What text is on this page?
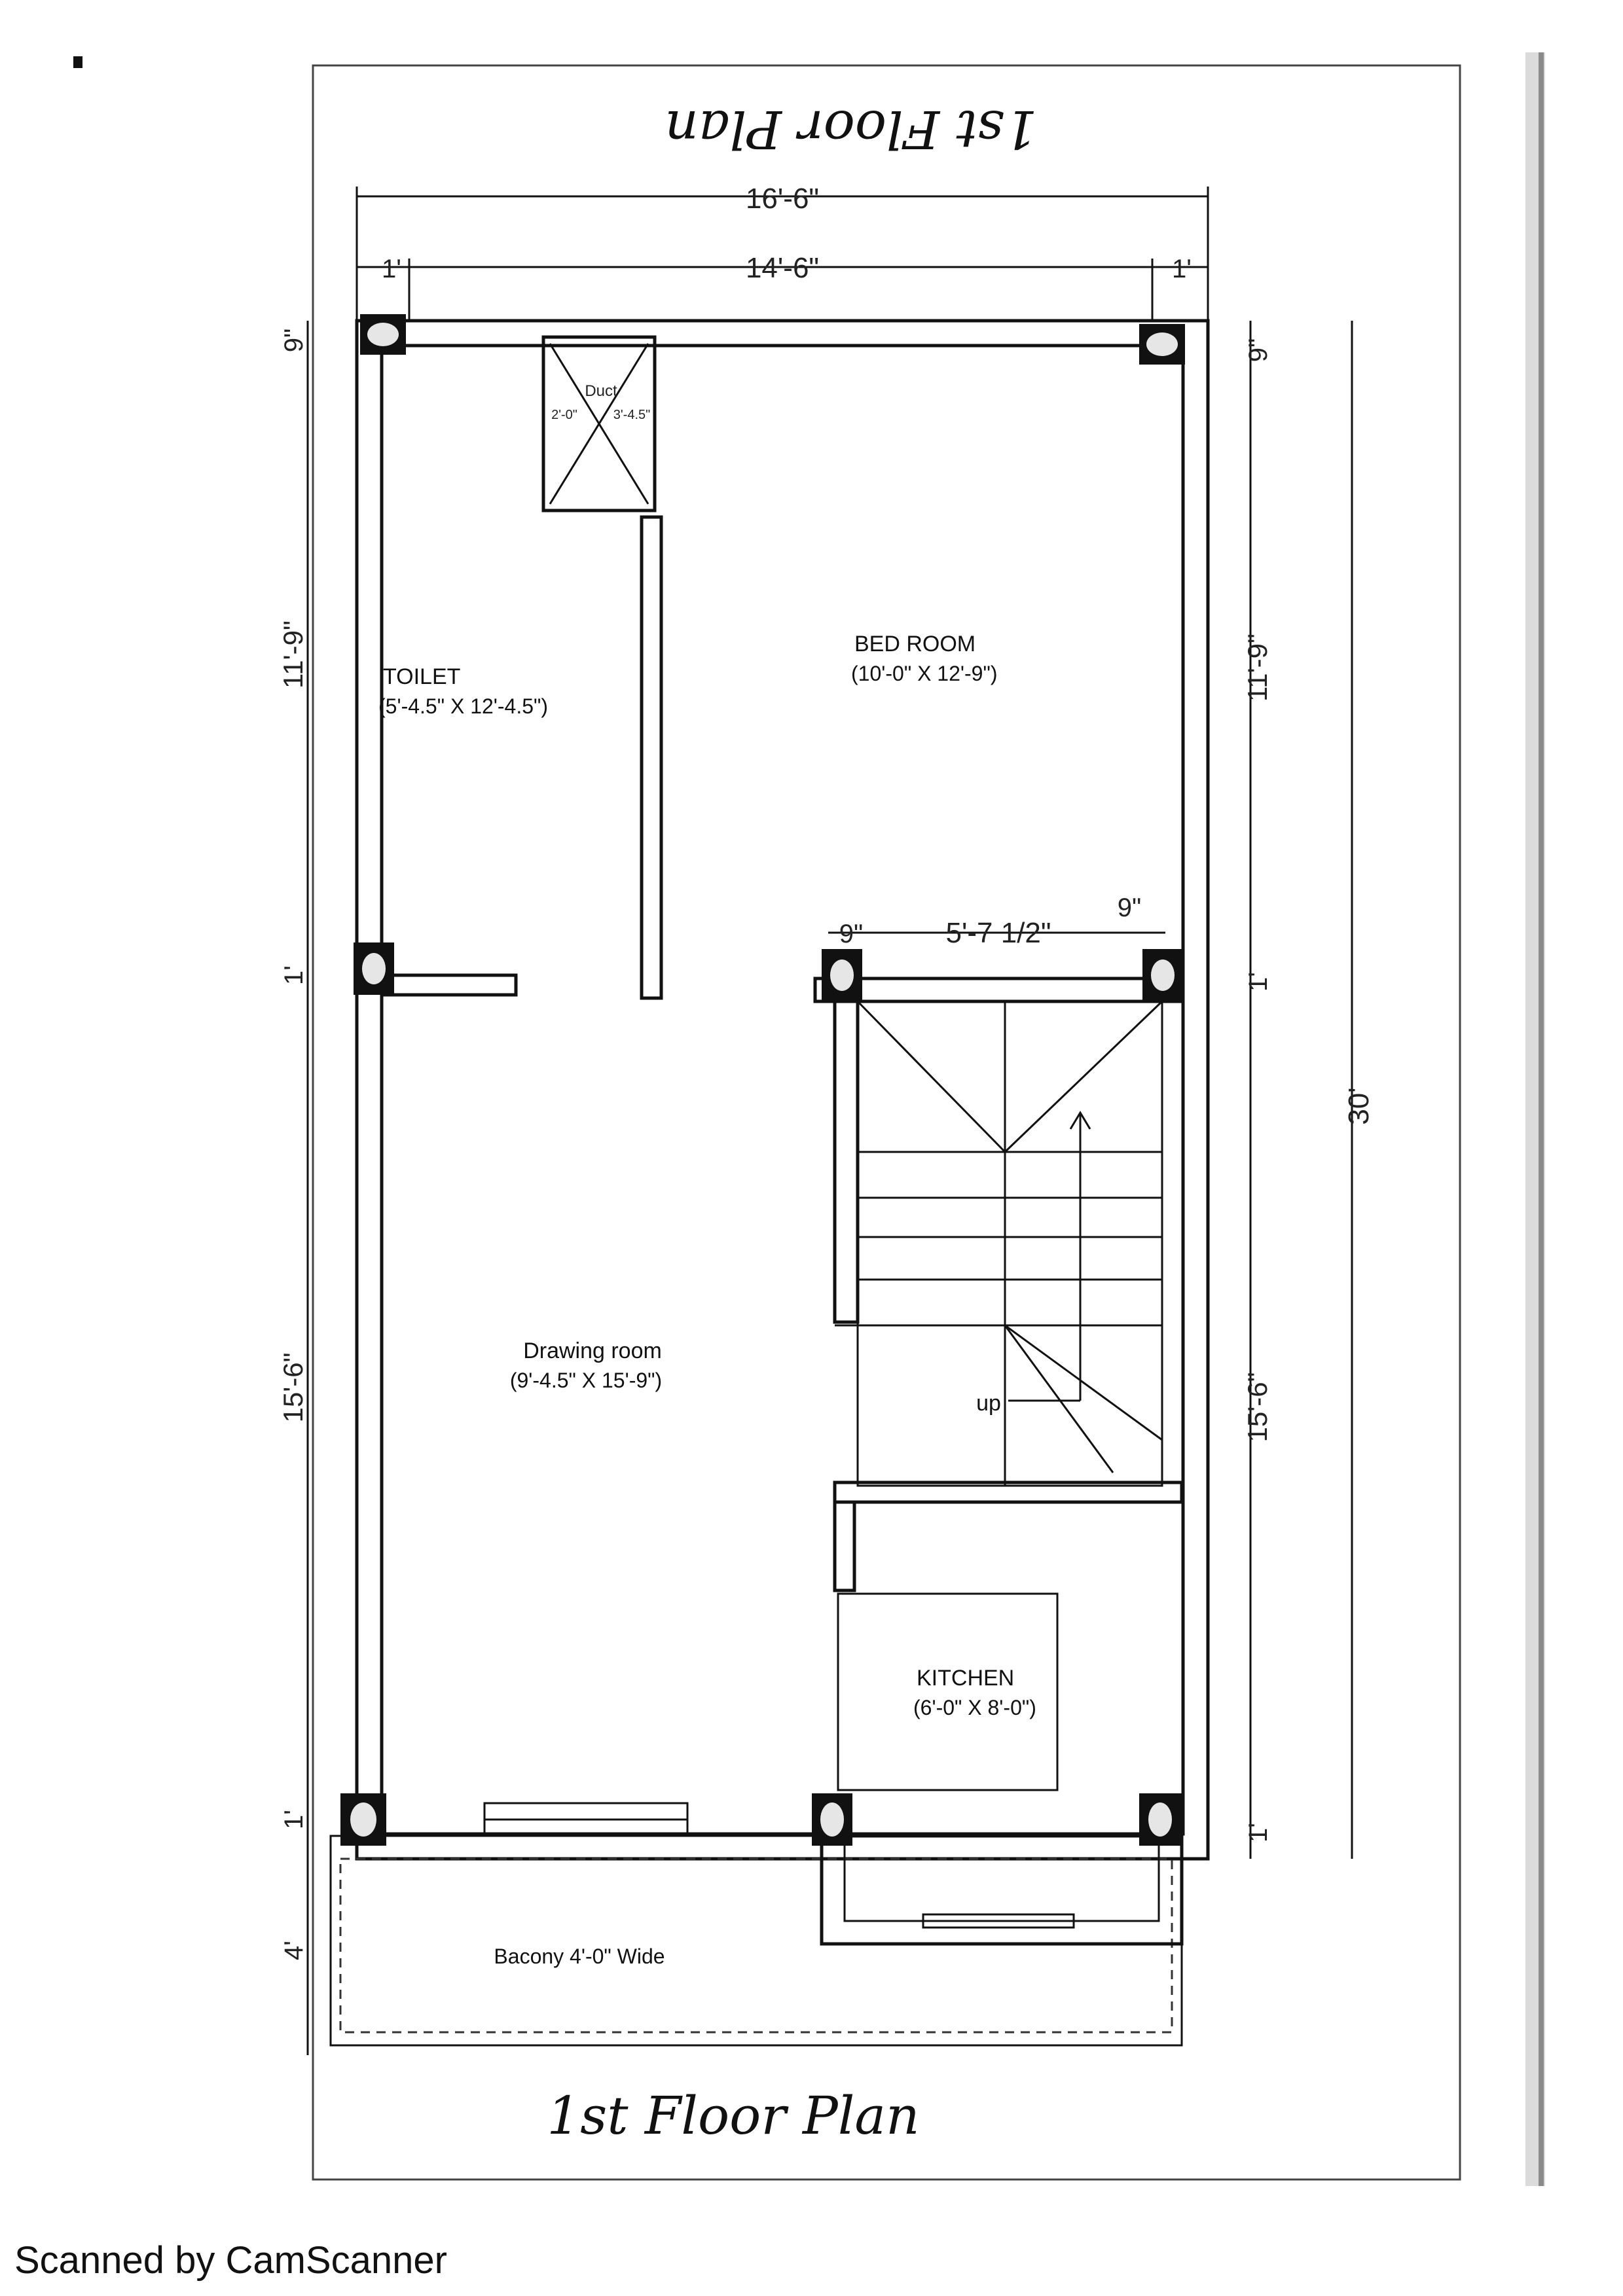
1st Floor Plan
1st Floor Plan
16'-6"
14'-6"
1'	1'
30'
9"
11'-9"
1'
15'-6"
1'
9"
11'-9"
1'
15'-6"
1'
4'
9"	5'-7 1/2"
9"
Duct
2'-0"	3'-4.5"
up
TOILET
(5'-4.5" X 12'-4.5")
BED ROOM
(10'-0" X 12'-9")
Drawing room
(9'-4.5" X 15'-9")
KITCHEN
(6'-0" X 8'-0")
Bacony 4'-0" Wide
Scanned by CamScanner
